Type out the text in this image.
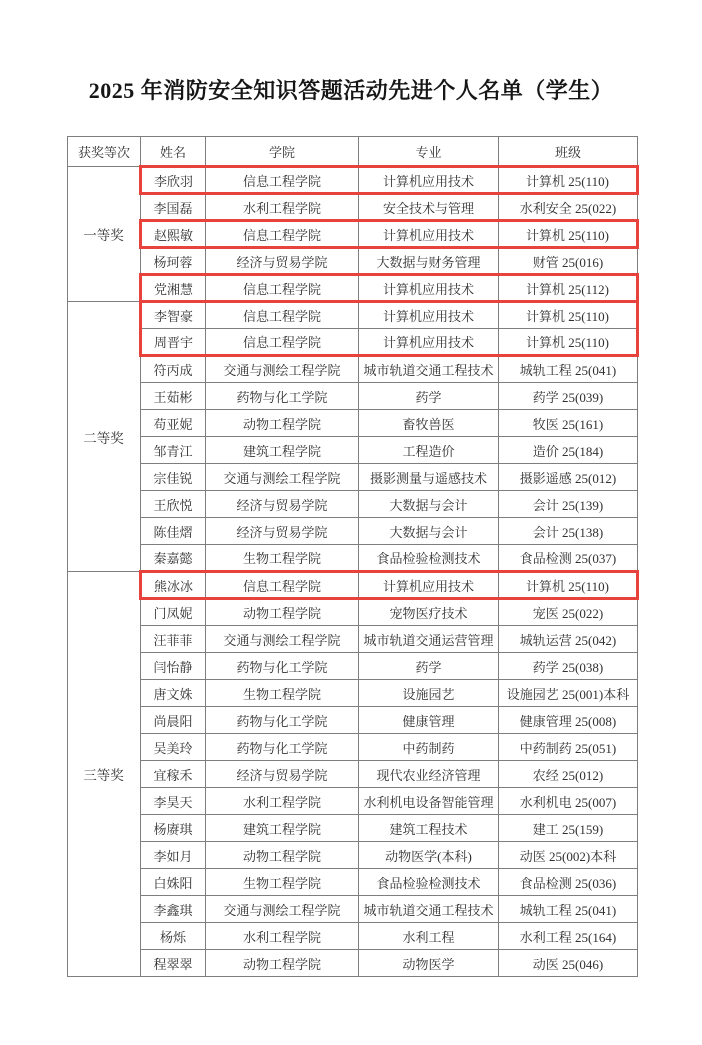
2025 年消防安全知识答题活动先进个人名单（学生）
获奖等次	姓名	学院	专业	班级
一等奖	李欣羽	信息工程学院	计算机应用技术	计算机 25(110)
	李国磊	水利工程学院	安全技术与管理	水利安全 25(022)
	赵熙敏	信息工程学院	计算机应用技术	计算机 25(110)
	杨珂蓉	经济与贸易学院	大数据与财务管理	财管 25(016)
	党湘慧	信息工程学院	计算机应用技术	计算机 25(112)
二等奖	李智豪	信息工程学院	计算机应用技术	计算机 25(110)
	周晋宇	信息工程学院	计算机应用技术	计算机 25(110)
	符丙成	交通与测绘工程学院	城市轨道交通工程技术	城轨工程 25(041)
	王茹彬	药物与化工学院	药学	药学 25(039)
	苟亚妮	动物工程学院	畜牧兽医	牧医 25(161)
	邹青江	建筑工程学院	工程造价	造价 25(184)
	宗佳锐	交通与测绘工程学院	摄影测量与遥感技术	摄影遥感 25(012)
	王欣悦	经济与贸易学院	大数据与会计	会计 25(139)
	陈佳熠	经济与贸易学院	大数据与会计	会计 25(138)
	秦嘉懿	生物工程学院	食品检验检测技术	食品检测 25(037)
三等奖	熊冰冰	信息工程学院	计算机应用技术	计算机 25(110)
	门凤妮	动物工程学院	宠物医疗技术	宠医 25(022)
	汪菲菲	交通与测绘工程学院	城市轨道交通运营管理	城轨运营 25(042)
	闫怡静	药物与化工学院	药学	药学 25(038)
	唐文姝	生物工程学院	设施园艺	设施园艺 25(001)本科
	尚晨阳	药物与化工学院	健康管理	健康管理 25(008)
	吴美玲	药物与化工学院	中药制药	中药制药 25(051)
	宜稼禾	经济与贸易学院	现代农业经济管理	农经 25(012)
	李昊天	水利工程学院	水利机电设备智能管理	水利机电 25(007)
	杨赓琪	建筑工程学院	建筑工程技术	建工 25(159)
	李如月	动物工程学院	动物医学(本科)	动医 25(002)本科
	白姝阳	生物工程学院	食品检验检测技术	食品检测 25(036)
	李鑫琪	交通与测绘工程学院	城市轨道交通工程技术	城轨工程 25(041)
	杨烁	水利工程学院	水利工程	水利工程 25(164)
	程翠翠	动物工程学院	动物医学	动医 25(046)
